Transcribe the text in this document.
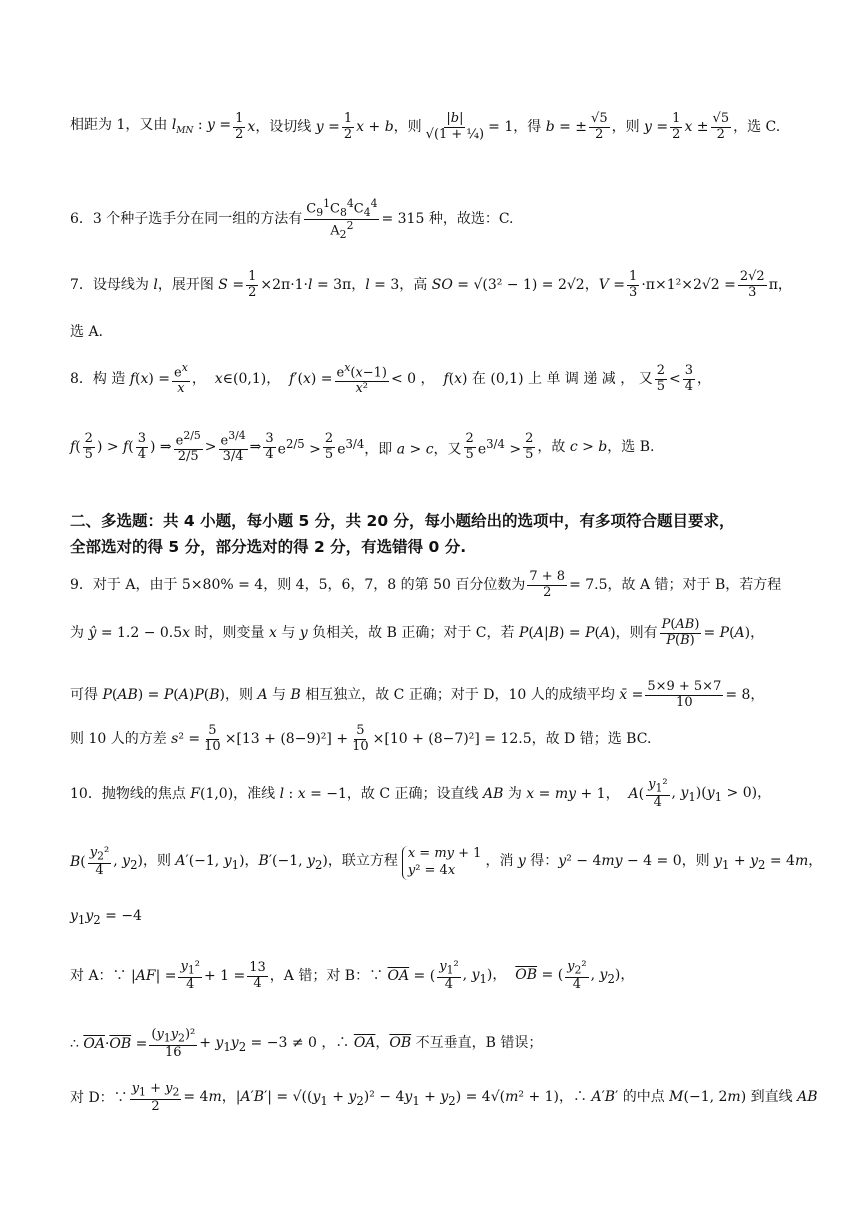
相距为 1，又由 $l_{MN}$ : $y = \frac{1}{2}$ x，设切线 $y = \frac{1}{2}$ x + b，则 $\frac{|b|}{\text{√(1 + ¼)}} = 1$，得 b = ± $\frac{√5}{2}$ ，则 $y = \frac{1}{2}$ $x \pm \frac{√5}{2}$ ，选 C.
6．3 个种子选手分在同一组的方法有 $\frac{C_9^1C_8^4C_4^4}{A_2^2} = 315$ 种，故选：C.
7．设母线为 l，展开图 $S = \frac{1}{2} \times 2\pi\cdot 1\cdot l = 3\pi$，l = 3，高 SO = √(3² − 1) = 2√2，$V = \frac{1}{3} \cdot\pi\times 1^2\times 2√2 = \frac{2√2}{3}$ π，
选 A.
8．构 造 $f(x) = \frac{e^x}{x}$ ，  x∈(0,1)，  $f'(x) = \frac{e^x(x-1)}{\text{x²}} < 0$ ，  f(x) 在 (0,1) 上 单 调 递 减 ， 又 $\frac{2}{5} < \frac{3}{4}$ ，
$f( \frac{2}{5}$ ) > $f( \frac{3}{4}$ ) ⇒ $\frac{e^{2/5}}{2/5} > \frac{e^{3/4}}{3/4}$ ⇒ $\frac{3}{4} e^{2/5} > \frac{2}{5} e^{3/4}$，即 a > c，又 $\frac{2}{5} e^{3/4} > \frac{2}{5}$ ，故 c > b，选 B.
二、多选题：共 4 小题，每小题 5 分，共 20 分，每小题给出的选项中，有多项符合题目要求，
全部选对的得 5 分，部分选对的得 2 分，有选错得 0 分.
9．对于 A，由于 5×80% = 4，则 4，5，6，7，8 的第 50 百分位数为 $\frac{7 + 8}{2} = 7.5$，故 A 错；对于 B，若方程
为 ŷ = 1.2 − 0.5x 时，则变量 x 与 y 负相关，故 B 正确；对于 C，若 P(A|B) = P(A)，则有 $\frac{P(AB)}{P(B)} = P(A)$，
可得 P(AB) = P(A)P(B)，则 A 与 B 相互独立，故 C 正确；对于 D，10 人的成绩平均 x̄ = $\frac{5\times 9 + 5\times 7}{10} = 8$，
则 10 人的方差 $s^2 = \frac{5}{10} \times[13 + (8-9)^2] + \frac{5}{10} \times[10 + (8-7)^2] = 12.5$，故 D 错；选 BC.
10．抛物线的焦点 F(1,0)，准线 l : x = −1，故 C 正确；设直线 AB 为 x = my + 1，  $A( \frac{y_1^2}{4}$ , $y_1)(y_1 > 0)$，
$B( \frac{y_2^2}{4}$ , $y_2$)，则 A′(−1, $y_1$)，B′(−1, $y_2$)，联立方程 x = my + 1
y² = 4x
，消 y 得：y² − 4my − 4 = 0，则 $y_1 + y_2 = 4m$，
$y_1y_2 = -4$
对 A：∵ $|AF| = \frac{y_1^2}{4} + 1 = \frac{13}{4}$ ，A 错；对 B：∵ $\overline{OA}$ = ( $\frac{y_1^2}{4}$ , $y_1$)，  $\overline{OB}$ = ( $\frac{y_2^2}{4}$ , $y_2$)，
∴ $\overline{OA}\cdot\overline{OB} = \frac{(y_1y_2)^2}{16} + y_1y_2 = -3 \ne 0$ ，∴ $\overline{OA}$，$\overline{OB}$ 不互垂直，B 错误；
对 D：∵ $\frac{y_1 + y_2}{2} = 4m$，$|A'B'| = √((y_1 + y_2)^2 - 4y_1 + y_2) = 4√(m^2 + 1)$，∴ A′B′ 的中点 M(−1, 2m) 到直线 AB
